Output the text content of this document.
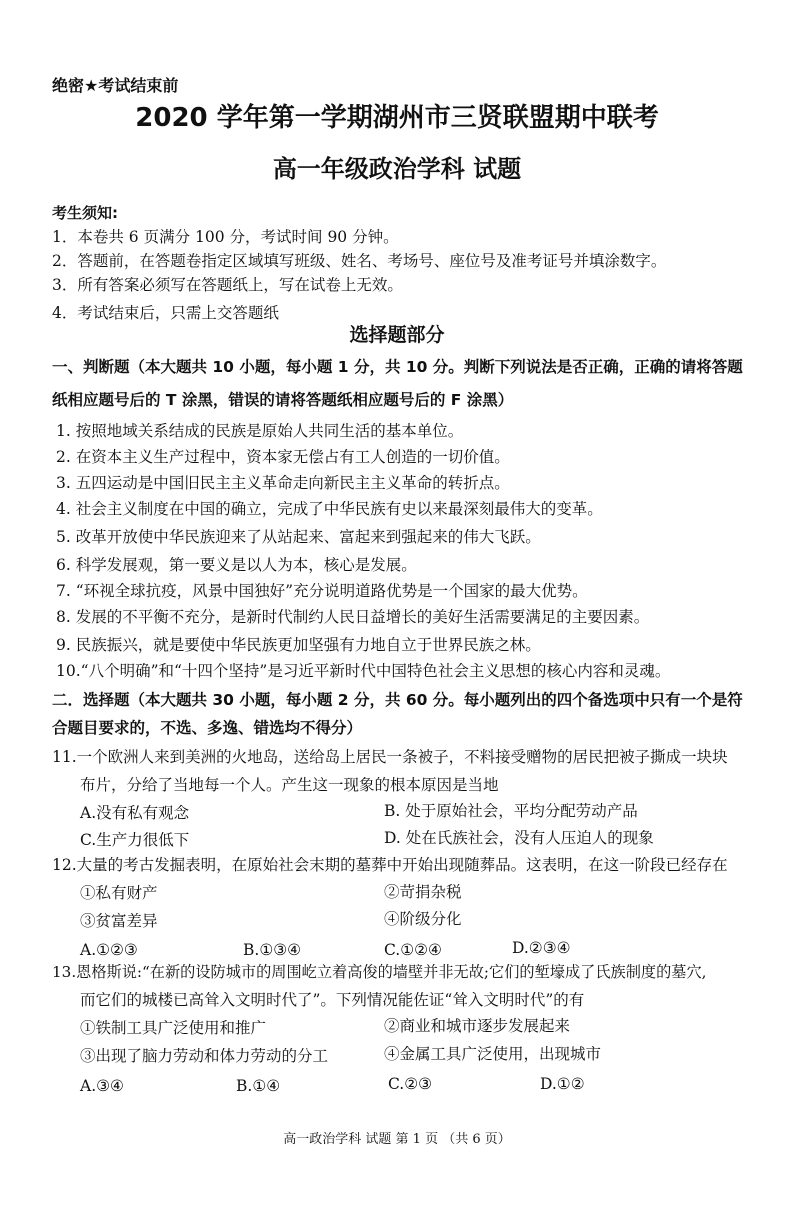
绝密★考试结束前
2020 学年第一学期湖州市三贤联盟期中联考
高一年级政治学科 试题
考生须知:
1．本卷共 6 页满分 100 分，考试时间 90 分钟。
2．答题前，在答题卷指定区域填写班级、姓名、考场号、座位号及准考证号并填涂数字。
3．所有答案必须写在答题纸上，写在试卷上无效。
4．考试结束后，只需上交答题纸
选择题部分
一、判断题（本大题共 10 小题，每小题 1 分，共 10 分。判断下列说法是否正确，正确的请将答题
纸相应题号后的 T 涂黑，错误的请将答题纸相应题号后的 F 涂黑）
1. 按照地域关系结成的民族是原始人共同生活的基本单位。
2. 在资本主义生产过程中，资本家无偿占有工人创造的一切价值。
3. 五四运动是中国旧民主主义革命走向新民主主义革命的转折点。
4. 社会主义制度在中国的确立，完成了中华民族有史以来最深刻最伟大的变革。
5. 改革开放使中华民族迎来了从站起来、富起来到强起来的伟大飞跃。
6. 科学发展观，第一要义是以人为本，核心是发展。
7. “环视全球抗疫，风景中国独好”充分说明道路优势是一个国家的最大优势。
8. 发展的不平衡不充分，是新时代制约人民日益增长的美好生活需要满足的主要因素。
9. 民族振兴，就是要使中华民族更加坚强有力地自立于世界民族之林。
10.“八个明确”和“十四个坚持”是习近平新时代中国特色社会主义思想的核心内容和灵魂。
二．选择题（本大题共 30 小题，每小题 2 分，共 60 分。每小题列出的四个备选项中只有一个是符
合题目要求的，不选、多逸、错选均不得分）
11.一个欧洲人来到美洲的火地岛，送给岛上居民一条被子，不料接受赠物的居民把被子撕成一块块
布片，分给了当地每一个人。产生这一现象的根本原因是当地
A.没有私有观念	B. 处于原始社会，平均分配劳动产品
C.生产力很低下	D. 处在氏族社会，没有人压迫人的现象
12.大量的考古发掘表明，在原始社会末期的墓葬中开始出现随葬品。这表明，在这一阶段已经存在
①私有财产	②苛捐杂税
③贫富差异	④阶级分化
A.①②③	B.①③④	C.①②④	D.②③④
13.恩格斯说:“在新的设防城市的周围屹立着高俊的墙壁并非无故;它们的堑壕成了氏族制度的墓穴,
而它们的城楼已高耸入文明时代了”。下列情况能佐证“耸入文明时代”的有
①铁制工具广泛使用和推广	②商业和城市逐步发展起来
③出现了脑力劳动和体力劳动的分工	④金属工具广泛使用，出现城市
A.③④	B.①④	C.②③	D.①②
高一政治学科 试题 第 1 页 （共 6 页）
